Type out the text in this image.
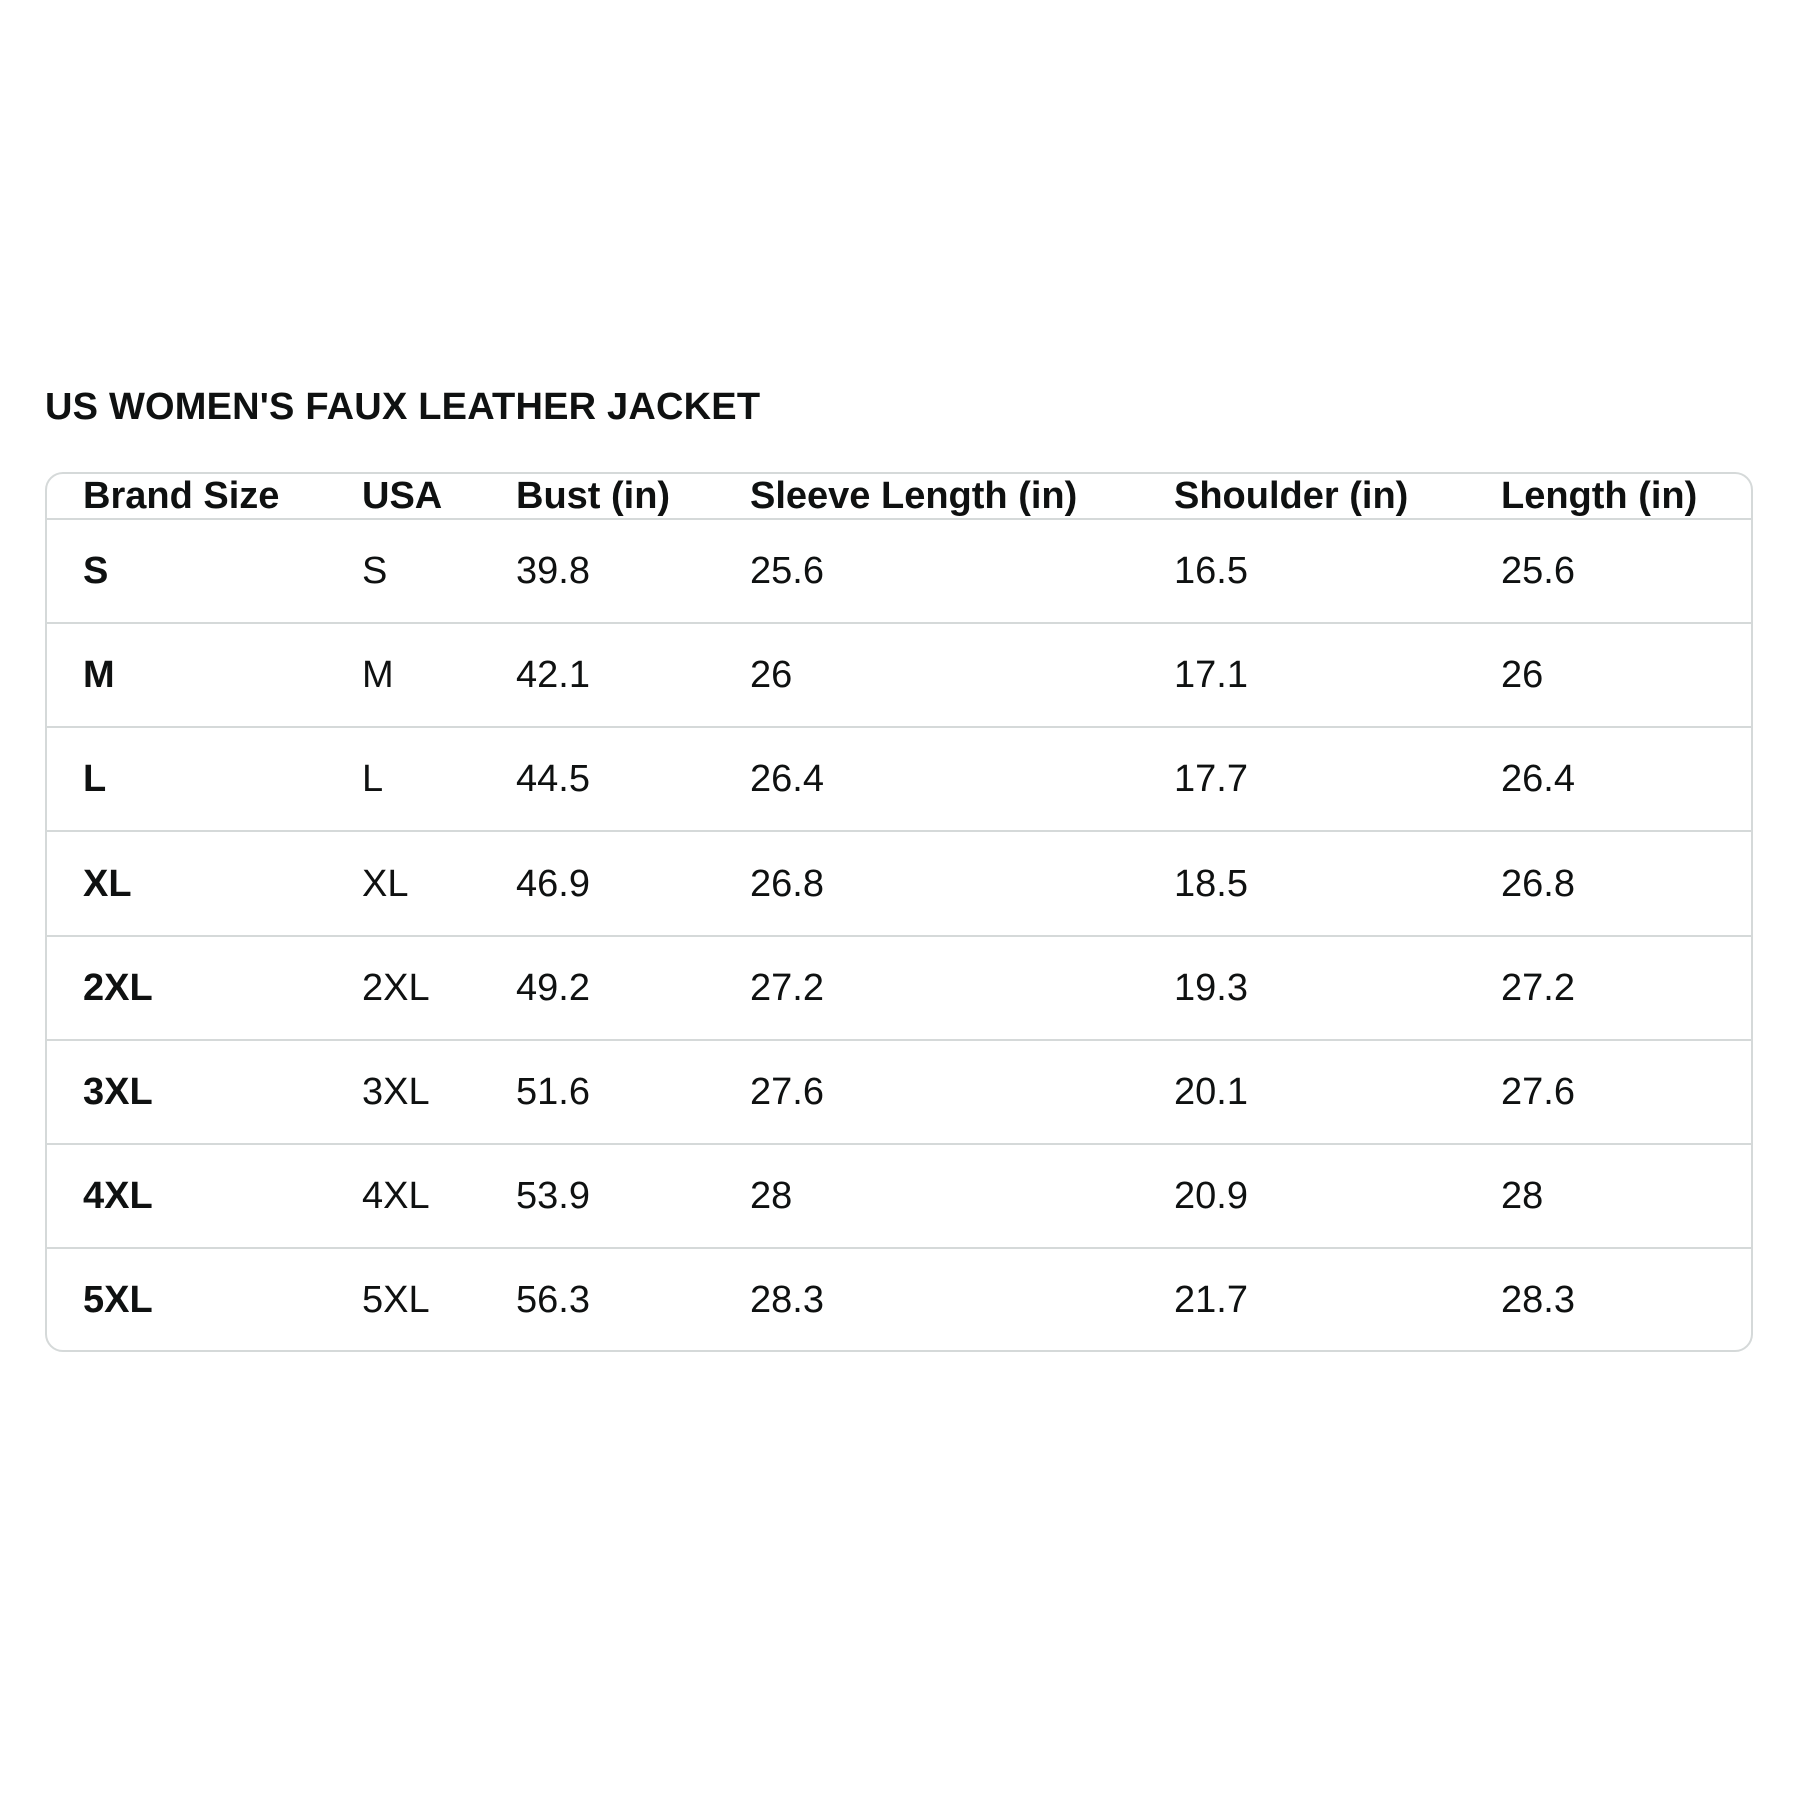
US WOMEN'S FAUX LEATHER JACKET
Brand Size	USA	Bust (in)	Sleeve Length (in)	Shoulder (in)	Length (in)
S	S	39.8	25.6	16.5	25.6
M	M	42.1	26	17.1	26
L	L	44.5	26.4	17.7	26.4
XL	XL	46.9	26.8	18.5	26.8
2XL	2XL	49.2	27.2	19.3	27.2
3XL	3XL	51.6	27.6	20.1	27.6
4XL	4XL	53.9	28	20.9	28
5XL	5XL	56.3	28.3	21.7	28.3
